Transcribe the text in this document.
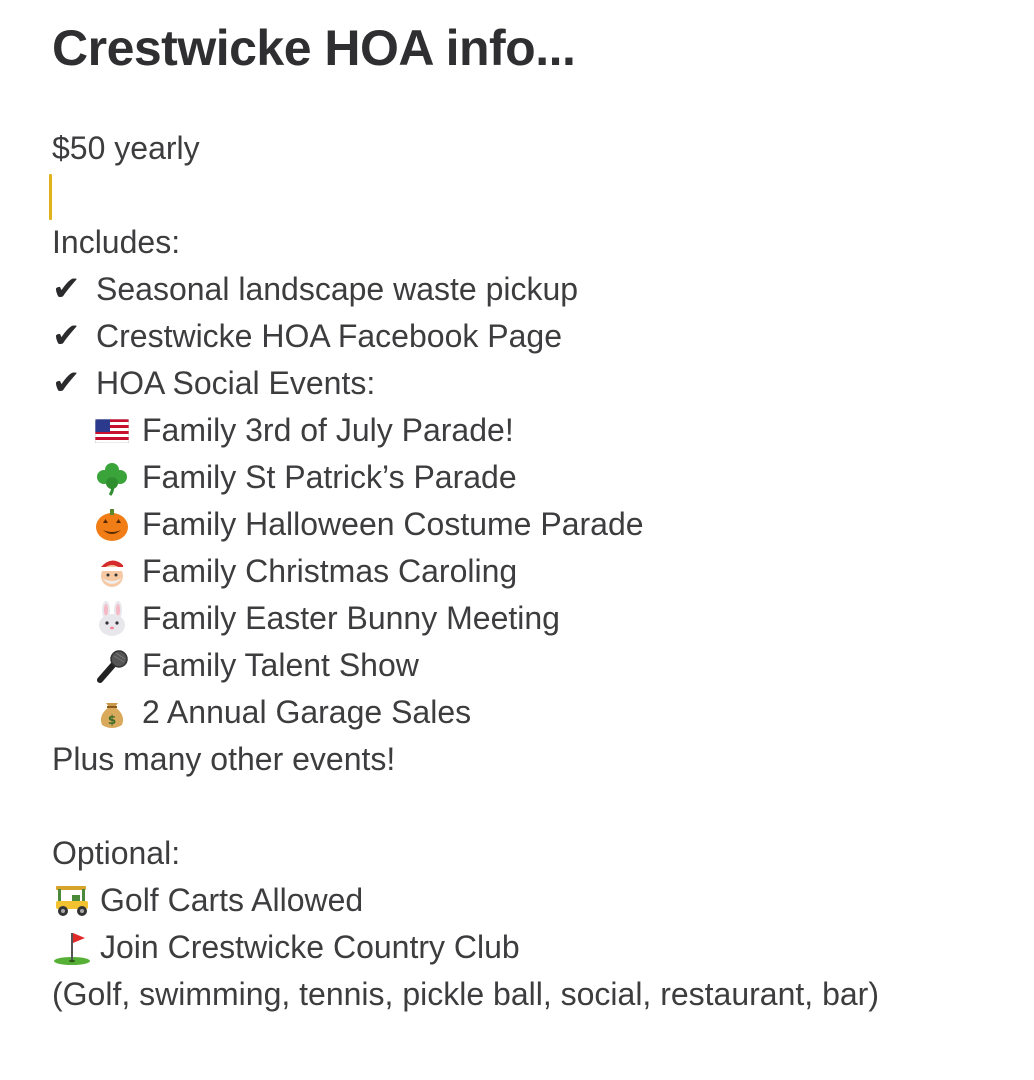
Crestwicke HOA info...
$50 yearly
Includes:
✔ Seasonal landscape waste pickup
✔ Crestwicke HOA Facebook Page
✔ HOA Social Events:
Family 3rd of July Parade!
Family St Patrick’s Parade
Family Halloween Costume Parade
Family Christmas Caroling
Family Easter Bunny Meeting
Family Talent Show
$ 2 Annual Garage Sales
Plus many other events!
Optional:
Golf Carts Allowed
Join Crestwicke Country Club
(Golf, swimming, tennis, pickle ball, social, restaurant, bar)
